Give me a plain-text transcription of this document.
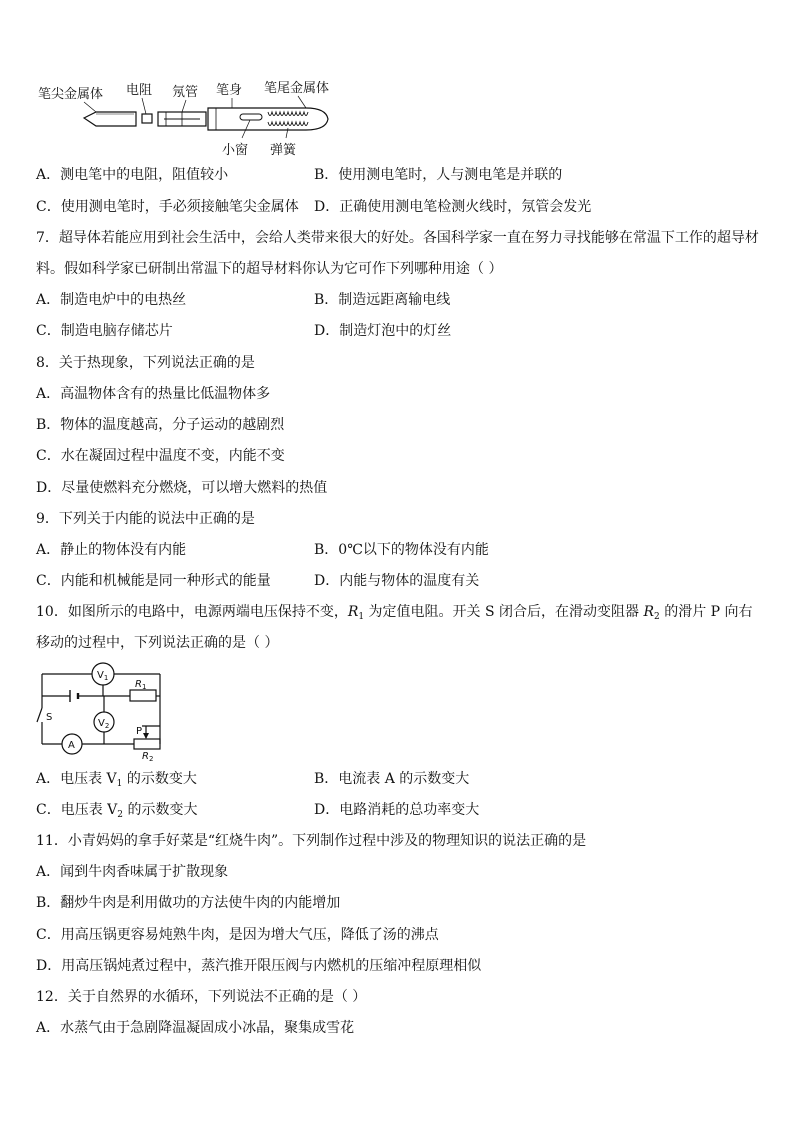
笔尖金属体 电阻 氖管 笔身 笔尾金属体
小窗 弹簧
A．测电笔中的电阻，阻值较小	B．使用测电笔时，人与测电笔是并联的
C．使用测电笔时，手必须接触笔尖金属体 D．正确使用测电笔检测火线时，氖管会发光
7．超导体若能应用到社会生活中，会给人类带来很大的好处。各国科学家一直在努力寻找能够在常温下工作的超导材
料。假如科学家已研制出常温下的超导材料你认为它可作下列哪种用途（ ）
A．制造电炉中的电热丝	B．制造远距离输电线
C．制造电脑存储芯片	D．制造灯泡中的灯丝
8．关于热现象，下列说法正确的是
A．高温物体含有的热量比低温物体多
B．物体的温度越高，分子运动的越剧烈
C．水在凝固过程中温度不变，内能不变
D．尽量使燃料充分燃烧，可以增大燃料的热值
9．下列关于内能的说法中正确的是
A．静止的物体没有内能	B．0℃以下的物体没有内能
C．内能和机械能是同一种形式的能量	D．内能与物体的温度有关
10．如图所示的电路中，电源两端电压保持不变，$R_1$ 为定值电阻。开关 S 闭合后，在滑动变阻器 $R_2$ 的滑片 P 向右
移动的过程中，下列说法正确的是（ ）
$V_1$
$V_2$
A
$R_1$
$R_2$
S
P
A．电压表 $V_1$ 的示数变大	B．电流表 A 的示数变大
C．电压表 $V_2$ 的示数变大	D．电路消耗的总功率变大
11．小青妈妈的拿手好菜是“红烧牛肉”。下列制作过程中涉及的物理知识的说法正确的是
A．闻到牛肉香味属于扩散现象
B．翻炒牛肉是利用做功的方法使牛肉的内能增加
C．用高压锅更容易炖熟牛肉，是因为增大气压，降低了汤的沸点
D．用高压锅炖煮过程中，蒸汽推开限压阀与内燃机的压缩冲程原理相似
12．关于自然界的水循环，下列说法不正确的是（ ）
A．水蒸气由于急剧降温凝固成小冰晶，聚集成雪花
